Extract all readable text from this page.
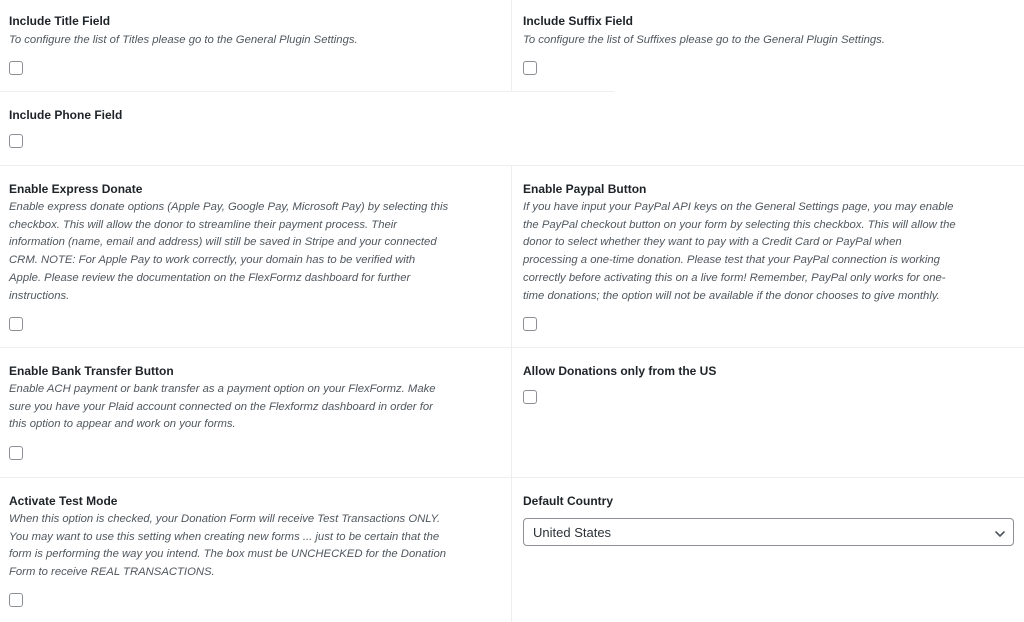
Include Title Field
To configure the list of Titles please go to the General Plugin Settings.
Include Suffix Field
To configure the list of Suffixes please go to the General Plugin Settings.
Include Phone Field
Enable Express Donate
Enable express donate options (Apple Pay, Google Pay, Microsoft Pay) by selecting this
checkbox. This will allow the donor to streamline their payment process. Their
information (name, email and address) will still be saved in Stripe and your connected
CRM. NOTE: For Apple Pay to work correctly, your domain has to be verified with
Apple. Please review the documentation on the FlexFormz dashboard for further
instructions.
Enable Paypal Button
If you have input your PayPal API keys on the General Settings page, you may enable
the PayPal checkout button on your form by selecting this checkbox. This will allow the
donor to select whether they want to pay with a Credit Card or PayPal when
processing a one-time donation. Please test that your PayPal connection is working
correctly before activating this on a live form! Remember, PayPal only works for one-
time donations; the option will not be available if the donor chooses to give monthly.
Enable Bank Transfer Button
Enable ACH payment or bank transfer as a payment option on your FlexFormz. Make
sure you have your Plaid account connected on the Flexformz dashboard in order for
this option to appear and work on your forms.
Allow Donations only from the US
Activate Test Mode
When this option is checked, your Donation Form will receive Test Transactions ONLY.
You may want to use this setting when creating new forms ... just to be certain that the
form is performing the way you intend. The box must be UNCHECKED for the Donation
Form to receive REAL TRANSACTIONS.
Default Country
United States
